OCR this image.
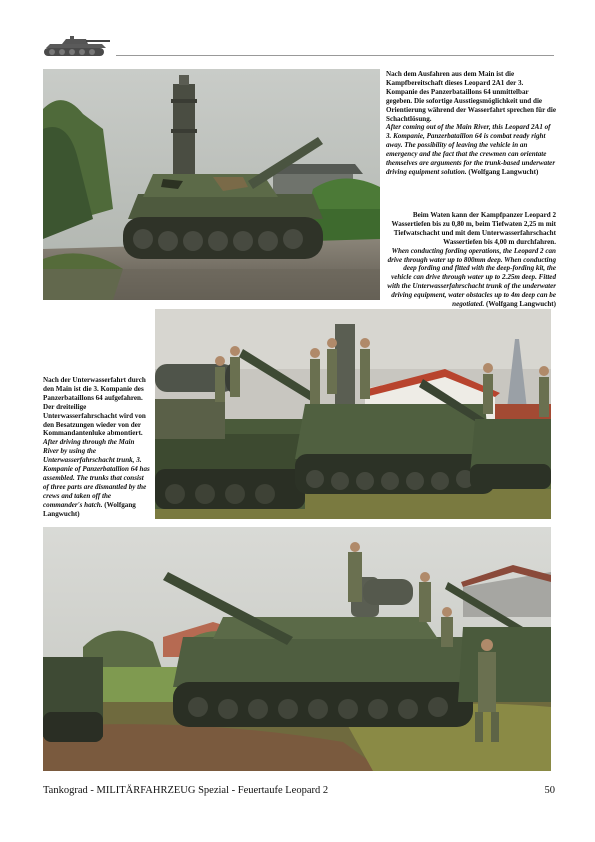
Nach dem Ausfahren aus dem Main ist die Kampfbereitschaft dieses Leopard 2A1 der 3. Kompanie des Panzerbataillons 64 unmittelbar gegeben. Die sofortige Ausstiegsmöglichkeit und die Orientierung während der Wasserfahrt sprechen für die Schachtlösung.

After coming out of the Main River, this Leopard 2A1 of 3. Kompanie, Panzerbataillon 64 is combat ready right away. The possibility of leaving the vehicle in an emergency and the fact that the crewmen can orientate themselves are arguments for the trunk-based underwater driving equipment solution. (Wolfgang Langwucht)

Beim Waten kann der Kampfpanzer Leopard 2 Wassertiefen bis zu 0,80 m, beim Tiefwaten 2,25 m mit Tiefwatschacht und mit dem Unterwasserfahrschacht Wassertiefen bis 4,00 m durchfahren.

When conducting fording operations, the Leopard 2 can drive through water up to 800mm deep. When conducting deep fording and fitted with the deep-fording kit, the vehicle can drive through water up to 2.25m deep. Fitted with the Unterwasserfahrschacht trunk of the underwater driving equipment, water obstacles up to 4m deep can be negotiated. (Wolfgang Langwucht)

Nach der Unterwasserfahrt durch den Main ist die 3. Kompanie des Panzerbataillons 64 aufgefahren. Der dreiteilige Unterwasserfahrschacht wird von den Besatzungen wieder von der Kommandantenluke abmontiert.

After driving through the Main River by using the Unterwasserfahrschacht trunk, 3. Kompanie of Panzerbatallion 64 has assembled. The trunks that consist of three parts are dismantled by the crews and taken off the commander's hatch. (Wolfgang Langwucht)

Tankograd - MILITÄRFAHRZEUG Spezial - Feuertaufe Leopard 2	50
